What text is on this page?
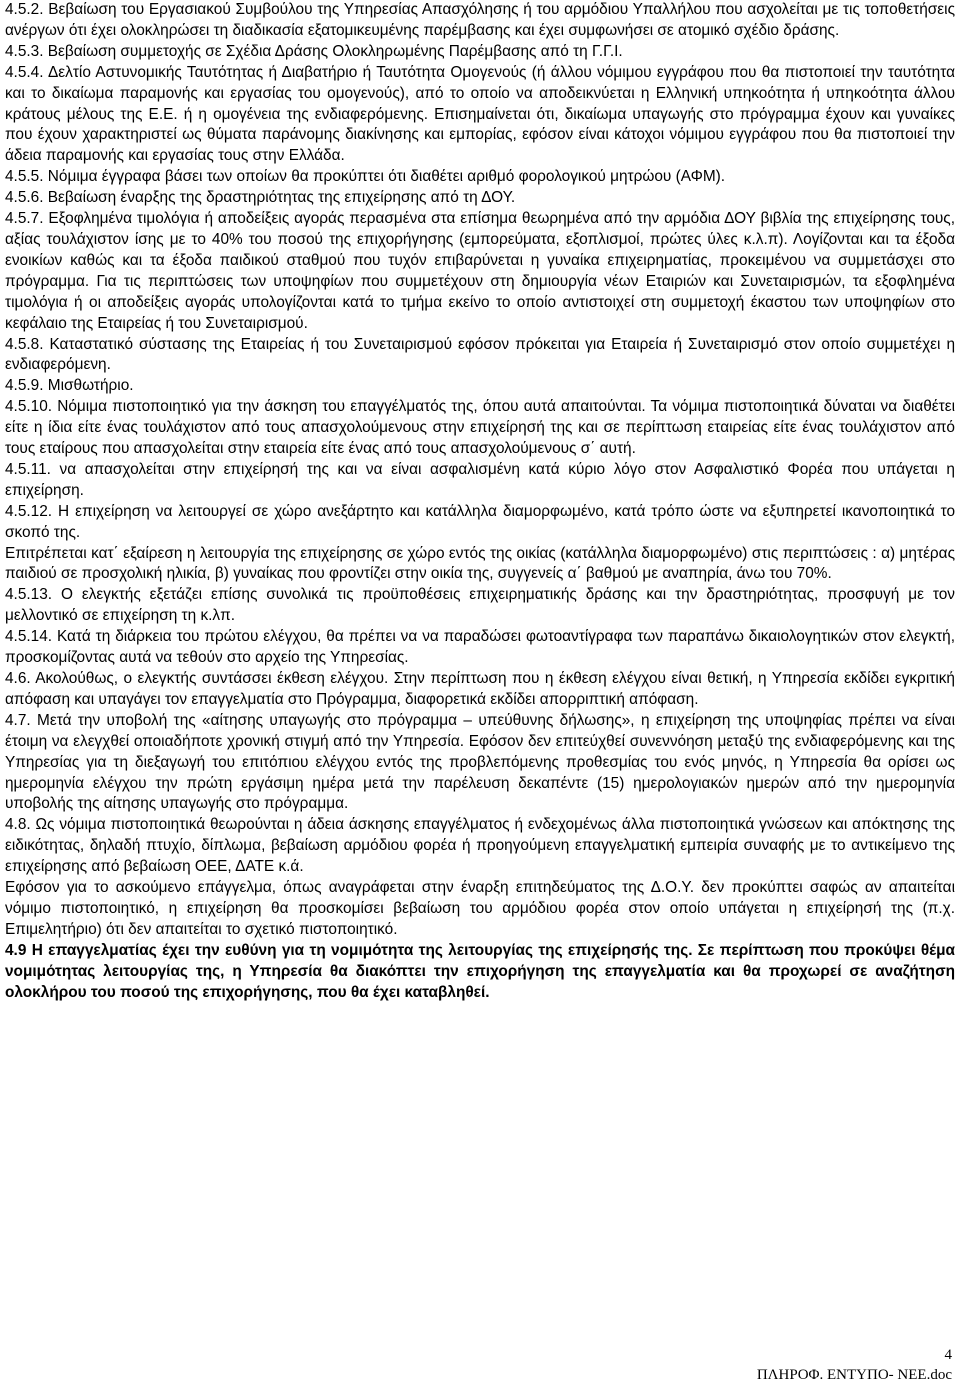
4.5.2. Βεβαίωση του Εργασιακού Συμβούλου της Υπηρεσίας Απασχόλησης ή του αρμόδιου Υπαλλήλου που ασχολείται με τις τοποθετήσεις ανέργων ότι έχει ολοκληρώσει τη διαδικασία εξατομικευμένης παρέμβασης και έχει συμφωνήσει σε ατομικό σχέδιο δράσης.

4.5.3. Βεβαίωση συμμετοχής σε Σχέδια Δράσης Ολοκληρωμένης Παρέμβασης από τη Γ.Γ.Ι.

4.5.4. Δελτίο Αστυνομικής Ταυτότητας ή Διαβατήριο ή Ταυτότητα Ομογενούς (ή άλλου νόμιμου εγγράφου που θα πιστοποιεί την ταυτότητα και το δικαίωμα παραμονής και εργασίας του ομογενούς), από το οποίο να αποδεικνύεται η Ελληνική υπηκοότητα ή υπηκοότητα άλλου κράτους μέλους της Ε.Ε. ή η ομογένεια της ενδιαφερόμενης. Επισημαίνεται ότι, δικαίωμα υπαγωγής στο πρόγραμμα έχουν και γυναίκες που έχουν χαρακτηριστεί ως θύματα παράνομης διακίνησης και εμπορίας, εφόσον είναι κάτοχοι νόμιμου εγγράφου που θα πιστοποιεί την άδεια παραμονής και εργασίας τους στην Ελλάδα.

4.5.5. Νόμιμα έγγραφα βάσει των οποίων θα προκύπτει ότι διαθέτει αριθμό φορολογικού μητρώου (ΑΦΜ).

4.5.6. Βεβαίωση έναρξης της δραστηριότητας της επιχείρησης από τη ΔΟΥ.

4.5.7. Εξοφλημένα τιμολόγια ή αποδείξεις αγοράς περασμένα στα επίσημα θεωρημένα από την αρμόδια ΔΟΥ βιβλία της επιχείρησης τους, αξίας τουλάχιστον ίσης με το 40% του ποσού της επιχορήγησης (εμπορεύματα, εξοπλισμοί, πρώτες ύλες κ.λ.π). Λογίζονται και τα έξοδα ενοικίων καθώς και τα έξοδα παιδικού σταθμού που τυχόν επιβαρύνεται η γυναίκα επιχειρηματίας, προκειμένου να συμμετάσχει στο πρόγραμμα. Για τις περιπτώσεις των υποψηφίων που συμμετέχουν στη δημιουργία νέων Εταιριών και Συνεταιρισμών, τα εξοφλημένα τιμολόγια ή οι αποδείξεις αγοράς υπολογίζονται κατά το τμήμα εκείνο το οποίο αντιστοιχεί στη συμμετοχή έκαστου των υποψηφίων στο κεφάλαιο της Εταιρείας ή του Συνεταιρισμού.

4.5.8. Καταστατικό σύστασης της Εταιρείας ή του Συνεταιρισμού εφόσον πρόκειται για Εταιρεία ή Συνεταιρισμό στον οποίο συμμετέχει η ενδιαφερόμενη.

4.5.9. Μισθωτήριο.

4.5.10. Νόμιμα πιστοποιητικό για την άσκηση του επαγγέλματός της, όπου αυτά απαιτούνται. Τα νόμιμα πιστοποιητικά δύναται να διαθέτει είτε η ίδια είτε ένας τουλάχιστον από τους απασχολούμενους στην επιχείρησή της και σε περίπτωση εταιρείας είτε ένας τουλάχιστον από τους εταίρους που απασχολείται στην εταιρεία είτε ένας από τους απασχολούμενους σ΄ αυτή.

4.5.11. να απασχολείται στην επιχείρησή της και να είναι ασφαλισμένη κατά κύριο λόγο στον Ασφαλιστικό Φορέα που υπάγεται η επιχείρηση.

4.5.12. Η επιχείρηση να λειτουργεί σε χώρο ανεξάρτητο και κατάλληλα διαμορφωμένο, κατά τρόπο ώστε να εξυπηρετεί ικανοποιητικά το σκοπό της.

Επιτρέπεται κατ΄ εξαίρεση η λειτουργία της επιχείρησης σε χώρο εντός της οικίας (κατάλληλα διαμορφωμένο) στις περιπτώσεις : α) μητέρας παιδιού σε προσχολική ηλικία, β) γυναίκας που φροντίζει στην οικία της, συγγενείς α΄ βαθμού με αναπηρία, άνω του 70%.

4.5.13. Ο ελεγκτής εξετάζει επίσης συνολικά τις προϋποθέσεις επιχειρηματικής δράσης και την δραστηριότητας, προσφυγή με τον μελλοντικό σε επιχείρηση τη κ.λπ.

4.5.14. Κατά τη διάρκεια του πρώτου ελέγχου, θα πρέπει να να παραδώσει φωτοαντίγραφα των παραπάνω δικαιολογητικών στον ελεγκτή, προσκομίζοντας αυτά να τεθούν στο αρχείο της Υπηρεσίας.

4.6. Ακολούθως, ο ελεγκτής συντάσσει έκθεση ελέγχου. Στην περίπτωση που η έκθεση ελέγχου είναι θετική, η Υπηρεσία εκδίδει εγκριτική απόφαση και υπαγάγει τον επαγγελματία στο Πρόγραμμα, διαφορετικά εκδίδει απορριπτική απόφαση.

4.7. Μετά την υποβολή της «αίτησης υπαγωγής στο πρόγραμμα – υπεύθυνης δήλωσης», η επιχείρηση της υποψηφίας πρέπει να είναι έτοιμη να ελεγχθεί οποιαδήποτε χρονική στιγμή από την Υπηρεσία. Εφόσον δεν επιτεύχθεί συνεννόηση μεταξύ της ενδιαφερόμενης και της Υπηρεσίας για τη διεξαγωγή του επιτόπιου ελέγχου εντός της προβλεπόμενης προθεσμίας του ενός μηνός, η Υπηρεσία θα ορίσει ως ημερομηνία ελέγχου την πρώτη εργάσιμη ημέρα μετά την παρέλευση δεκαπέντε (15) ημερολογιακών ημερών από την ημερομηνία υποβολής της αίτησης υπαγωγής στο πρόγραμμα.

4.8. Ως νόμιμα πιστοποιητικά θεωρούνται η άδεια άσκησης επαγγέλματος ή ενδεχομένως άλλα πιστοποιητικά γνώσεων και απόκτησης της ειδικότητας, δηλαδή πτυχίο, δίπλωμα, βεβαίωση αρμόδιου φορέα ή προηγούμενη επαγγελματική εμπειρία συναφής με το αντικείμενο της επιχείρησης από βεβαίωση ΟΕΕ, ΔΑΤΕ κ.ά.

Εφόσον για το ασκούμενο επάγγελμα, όπως αναγράφεται στην έναρξη επιτηδεύματος της Δ.Ο.Υ. δεν προκύπτει σαφώς αν απαιτείται νόμιμο πιστοποιητικό, η επιχείρηση θα προσκομίσει βεβαίωση του αρμόδιου φορέα στον οποίο υπάγεται η επιχείρησή της (π.χ. Επιμελητήριο) ότι δεν απαιτείται το σχετικό πιστοποιητικό.

4.9 Η επαγγελματίας έχει την ευθύνη για τη νομιμότητα της λειτουργίας της επιχείρησής της. Σε περίπτωση που προκύψει θέμα νομιμότητας λειτουργίας της, η Υπηρεσία θα διακόπτει την επιχορήγηση της επαγγελματία και θα προχωρεί σε αναζήτηση ολοκλήρου του ποσού της επιχορήγησης, που θα έχει καταβληθεί.

4
ΠΛΗΡΟΦ. ΕΝΤΥΠΟ- ΝΕΕ.doc
